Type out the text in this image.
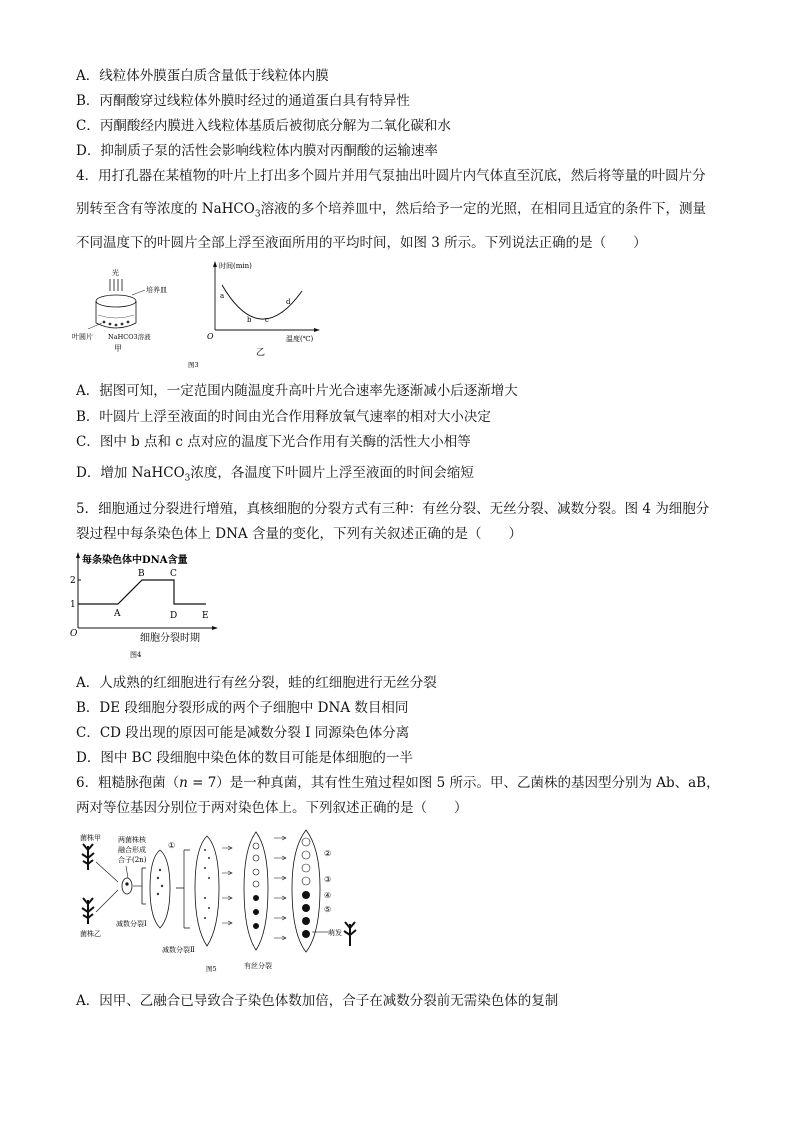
A．线粒体外膜蛋白质含量低于线粒体内膜
B．丙酮酸穿过线粒体外膜时经过的通道蛋白具有特异性
C．丙酮酸经内膜进入线粒体基质后被彻底分解为二氧化碳和水
D．抑制质子泵的活性会影响线粒体内膜对丙酮酸的运输速率
4．用打孔器在某植物的叶片上打出多个圆片并用气泵抽出叶圆片内气体直至沉底，然后将等量的叶圆片分
别转至含有等浓度的 NaHCO$_3$溶液的多个培养皿中，然后给予一定的光照，在相同且适宜的条件下，测量
不同温度下的叶圆片全部上浮至液面所用的平均时间，如图 3 所示。下列说法正确的是（　　）
光
培养皿
叶圆片 NaHCO3溶液
甲
时间(min)
温度(℃)
O
a
b c
d
乙
图3
A．据图可知，一定范围内随温度升高叶片光合速率先逐渐减小后逐渐增大
B．叶圆片上浮至液面的时间由光合作用释放氧气速率的相对大小决定
C．图中 b 点和 c 点对应的温度下光合作用有关酶的活性大小相等
D．增加 NaHCO$_3$浓度，各温度下叶圆片上浮至液面的时间会缩短
5．细胞通过分裂进行增殖，真核细胞的分裂方式有三种：有丝分裂、无丝分裂、减数分裂。图 4 为细胞分
裂过程中每条染色体上 DNA 含量的变化，下列有关叙述正确的是（　　）
每条染色体中DNA含量
细胞分裂时期
O
1
2
A
B	C
D	E
图4
A．人成熟的红细胞进行有丝分裂，蛙的红细胞进行无丝分裂
B．DE 段细胞分裂形成的两个子细胞中 DNA 数目相同
C．CD 段出现的原因可能是减数分裂 I 同源染色体分离
D．图中 BC 段细胞中染色体的数目可能是体细胞的一半
6．粗糙脉孢菌（n = 7）是一种真菌，其有性生殖过程如图 5 所示。甲、乙菌株的基因型分别为 Ab、aB，
两对等位基因分别位于两对染色体上。下列叙述正确的是（　　）
菌株甲
菌株乙
两菌株核
融合形成
合子(2n)
减数分裂Ⅰ
①
减数分裂Ⅱ
有丝分裂
②
③
④
⑤
萌发
图5
A．因甲、乙融合已导致合子染色体数加倍，合子在减数分裂前无需染色体的复制
